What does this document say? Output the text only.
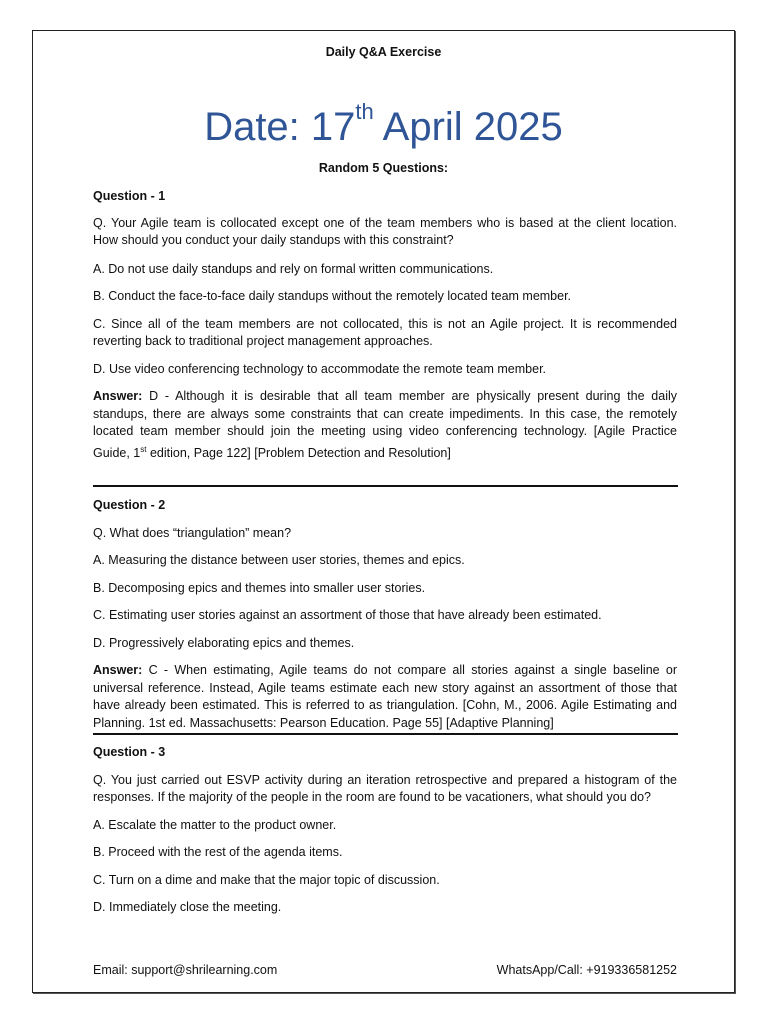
Daily Q&A Exercise
Date: 17th April 2025
Random 5 Questions:

Question - 1

Q. Your Agile team is collocated except one of the team members who is based at the client location. How should you conduct your daily standups with this constraint?

A. Do not use daily standups and rely on formal written communications.

B. Conduct the face-to-face daily standups without the remotely located team member.

C. Since all of the team members are not collocated, this is not an Agile project. It is recommended reverting back to traditional project management approaches.

D. Use video conferencing technology to accommodate the remote team member.

Answer: D - Although it is desirable that all team member are physically present during the daily standups, there are always some constraints that can create impediments. In this case, the remotely located team member should join the meeting using video conferencing technology. [Agile Practice Guide, 1st edition, Page 122] [Problem Detection and Resolution]

Question - 2

Q. What does “triangulation” mean?

A. Measuring the distance between user stories, themes and epics.

B. Decomposing epics and themes into smaller user stories.

C. Estimating user stories against an assortment of those that have already been estimated.

D. Progressively elaborating epics and themes.

Answer: C - When estimating, Agile teams do not compare all stories against a single baseline or universal reference. Instead, Agile teams estimate each new story against an assortment of those that have already been estimated. This is referred to as triangulation. [Cohn, M., 2006. Agile Estimating and Planning. 1st ed. Massachusetts: Pearson Education. Page 55] [Adaptive Planning]

Question - 3

Q. You just carried out ESVP activity during an iteration retrospective and prepared a histogram of the responses. If the majority of the people in the room are found to be vacationers, what should you do?

A. Escalate the matter to the product owner.

B. Proceed with the rest of the agenda items.

C. Turn on a dime and make that the major topic of discussion.

D. Immediately close the meeting.

Email: support@shrilearning.com	WhatsApp/Call: +919336581252
